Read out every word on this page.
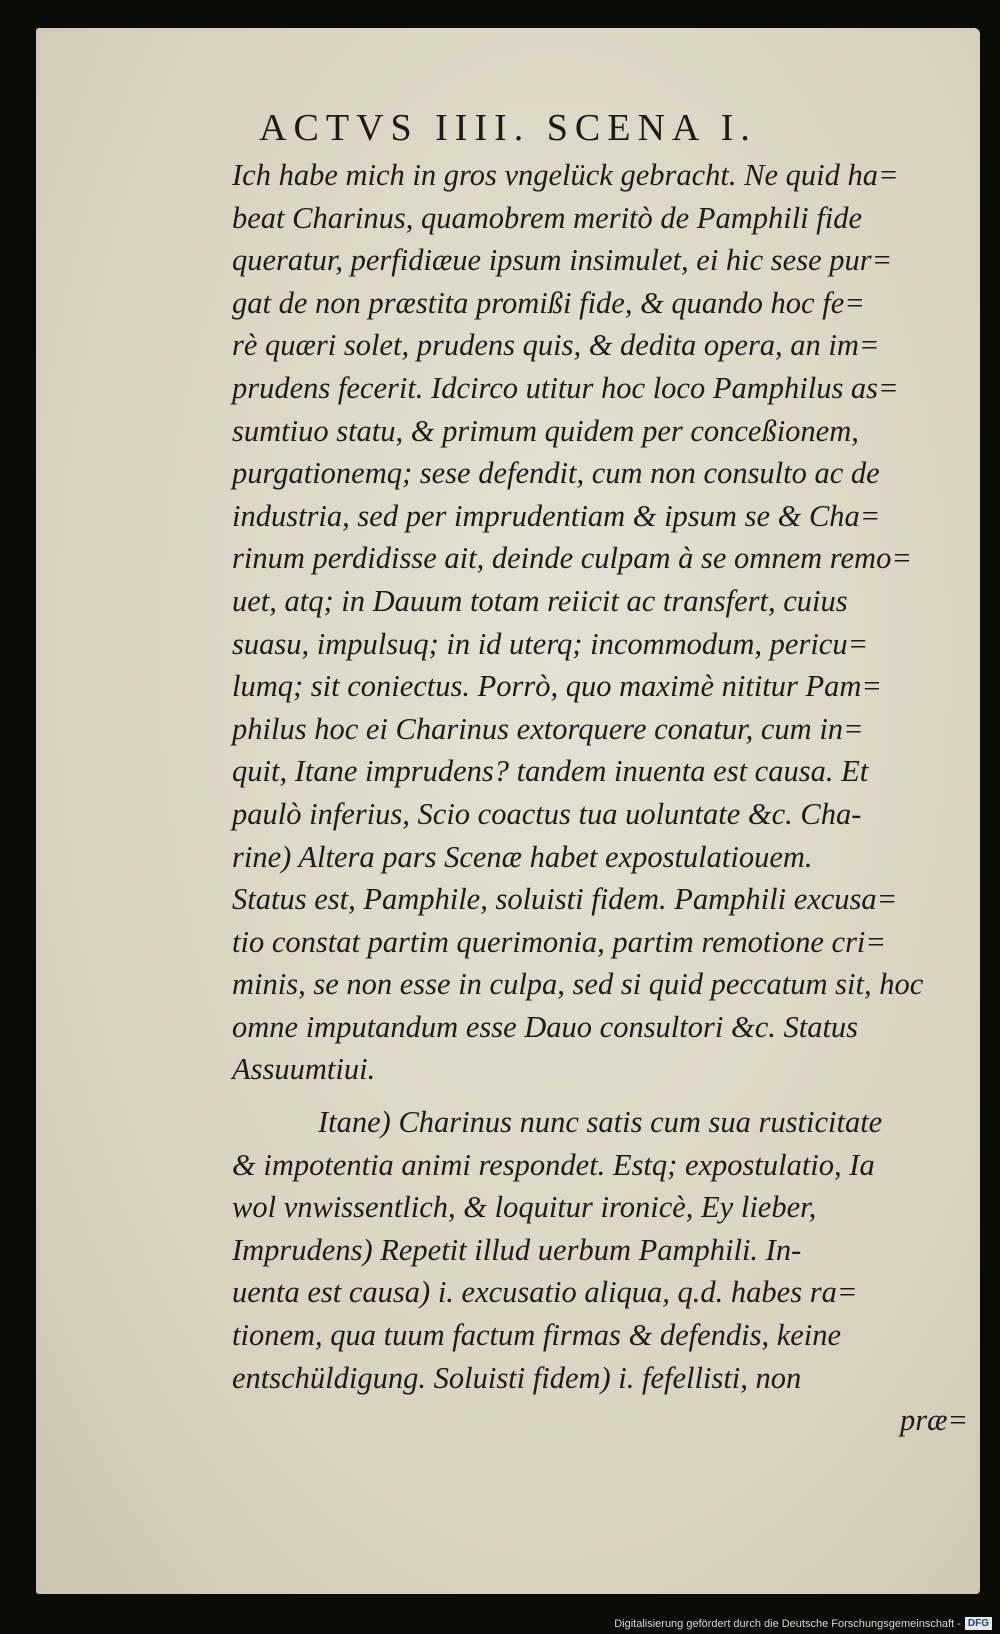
ACTVS IIII. SCENA I.
Ich habe mich in gros vngelück gebracht. Ne quid ha=
beat Charinus, quamobrem meritò de Pamphili fide
queratur, perfidiæue ipsum insimulet, ei hic sese pur=
gat de non præstita promißi fide, & quando hoc fe=
rè quæri solet, prudens quis, & dedita opera, an im=
prudens fecerit. Idcirco utitur hoc loco Pamphilus as=
sumtiuo statu, & primum quidem per conceßionem,
purgationemq; sese defendit, cum non consulto ac de
industria, sed per imprudentiam & ipsum se & Cha=
rinum perdidisse ait, deinde culpam à se omnem remo=
uet, atq; in Dauum totam reiicit ac transfert, cuius
suasu, impulsuq; in id uterq; incommodum, pericu=
lumq; sit coniectus. Porrò, quo maximè nititur Pam=
philus hoc ei Charinus extorquere conatur, cum in=
quit, Itane imprudens? tandem inuenta est causa. Et
paulò inferius, Scio coactus tua uoluntate &c. Cha-
rine) Altera pars Scenæ habet expostulatiouem.
Status est, Pamphile, soluisti fidem. Pamphili excusa=
tio constat partim querimonia, partim remotione cri=
minis, se non esse in culpa, sed si quid peccatum sit, hoc
omne imputandum esse Dauo consultori &c. Status
Assuumtiui.
Itane) Charinus nunc satis cum sua rusticitate
& impotentia animi respondet. Estq; expostulatio, Ia
wol vnwissentlich, & loquitur ironicè, Ey lieber,
Imprudens) Repetit illud uerbum Pamphili. In-
uenta est causa) i. excusatio aliqua, q.d. habes ra=
tionem, qua tuum factum firmas & defendis, keine
entschüldigung. Soluisti fidem) i. fefellisti, non
præ=
Digitalisierung gefördert durch die Deutsche Forschungsgemeinschaft - DFG
